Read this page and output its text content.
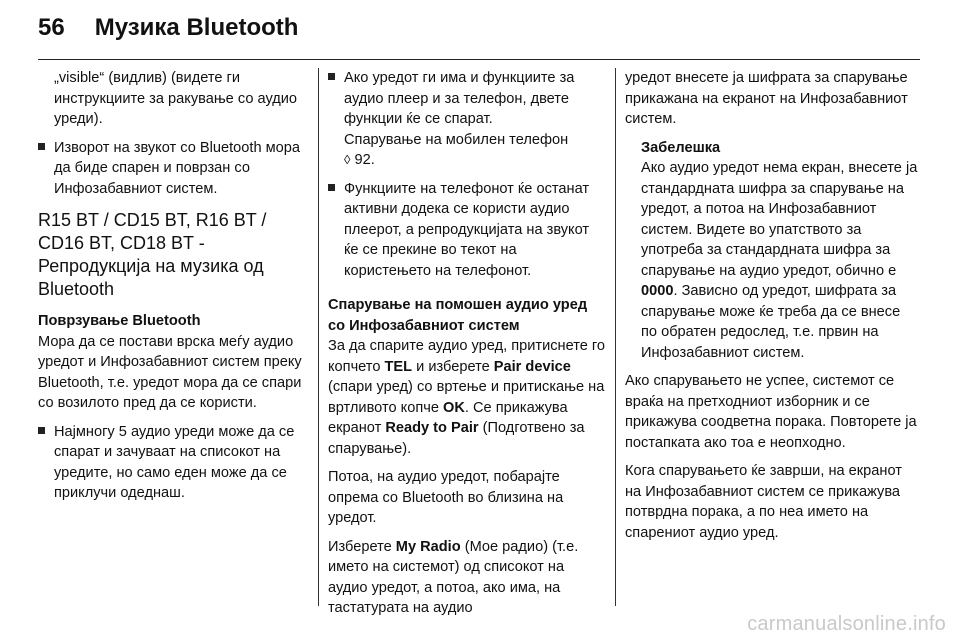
56 Музика Bluetooth

„visible“ (видлив) (видете ги инструкциите за ракување со аудио уреди).

Изворот на звукот со Bluetooth мора да биде спарен и поврзан со Инфозабавниот систем.
R15 BT / CD15 BT, R16 BT / CD16 BT, CD18 BT - Репродукција на музика од Bluetooth
Поврзување Bluetooth

Мора да се постави врска меѓу аудио уредот и Инфозабавниот систем преку Bluetooth, т.е. уредот мора да се спари со возилото пред да се користи.

Најмногу 5 аудио уреди може да се спарат и зачуваат на списокот на уредите, но само еден може да се приклучи одеднаш.
Ако уредот ги има и функциите за аудио плеер и за телефон, двете функции ќе се спарат.
Спарување на мобилен телефон
◊ 92.
Функциите на телефонот ќе останат активни додека се користи аудио плеерот, а репродукцијата на звукот ќе се прекине во текот на користењето на телефонот.
Спарување на помошен аудио уред со Инфозабавниот систем

За да спарите аудио уред, притиснете го копчето TEL и изберете Pair device (спари уред) со вртење и притискање на вртливото копче OK. Се прикажува екранот Ready to Pair (Подготвено за спарување).

Потоа, на аудио уредот, побарајте опрема со Bluetooth во близина на уредот.

Изберете My Radio (Мое радио) (т.е. името на системот) од списокот на аудио уредот, а потоа, ако има, на тастатурата на аудио

уредот внесете ја шифрата за спарување прикажана на екранот на Инфозабавниот систем.

Забелешка
Ако аудио уредот нема екран, внесете ја стандардната шифра за спарување на уредот, а потоа на Инфозабавниот систем. Видете во упатството за употреба за стандардната шифра за спарување на аудио уредот, обично е 0000. Зависно од уредот, шифрата за спарување може ќе треба да се внесе по обратен редослед, т.е. првин на Инфозабавниот систем.

Ако спарувањето не успее, системот се враќа на претходниот изборник и се прикажува соодветна порака. Повторете ја постапката ако тоа е неопходно.

Кога спарувањето ќе заврши, на екранот на Инфозабавниот систем се прикажува потврдна порака, а по неа името на спарениот аудио уред.

carmanualsonline.info
